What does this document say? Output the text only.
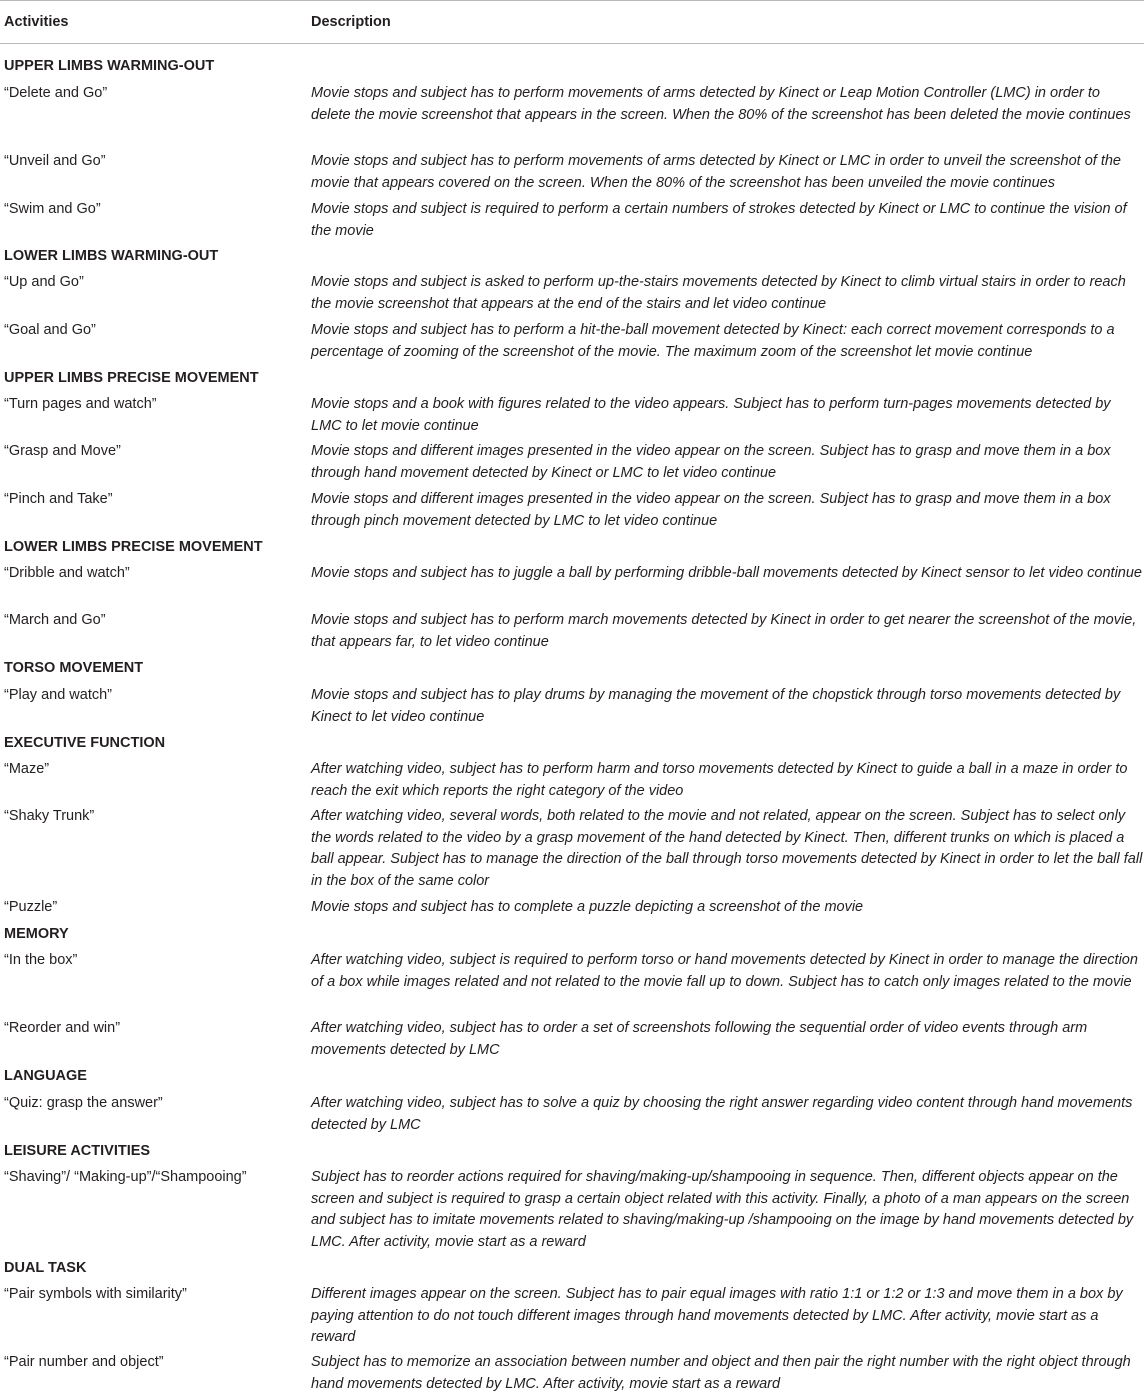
Activities	Description
UPPER LIMBS WARMING-OUT
“Delete and Go”	Movie stops and subject has to perform movements of arms detected by Kinect or Leap Motion Controller (LMC) in order to delete the movie screenshot that appears in the screen. When the 80% of the screenshot has been deleted the movie continues
“Unveil and Go”	Movie stops and subject has to perform movements of arms detected by Kinect or LMC in order to unveil the screenshot of the movie that appears covered on the screen. When the 80% of the screenshot has been unveiled the movie continues
“Swim and Go”	Movie stops and subject is required to perform a certain numbers of strokes detected by Kinect or LMC to continue the vision of the movie
LOWER LIMBS WARMING-OUT
“Up and Go”	Movie stops and subject is asked to perform up-the-stairs movements detected by Kinect to climb virtual stairs in order to reach the movie screenshot that appears at the end of the stairs and let video continue
“Goal and Go”	Movie stops and subject has to perform a hit-the-ball movement detected by Kinect: each correct movement corresponds to a percentage of zooming of the screenshot of the movie. The maximum zoom of the screenshot let movie continue
UPPER LIMBS PRECISE MOVEMENT
“Turn pages and watch”	Movie stops and a book with figures related to the video appears. Subject has to perform turn-pages movements detected by LMC to let movie continue
“Grasp and Move”	Movie stops and different images presented in the video appear on the screen. Subject has to grasp and move them in a box through hand movement detected by Kinect or LMC to let video continue
“Pinch and Take”	Movie stops and different images presented in the video appear on the screen. Subject has to grasp and move them in a box through pinch movement detected by LMC to let video continue
LOWER LIMBS PRECISE MOVEMENT
“Dribble and watch”	Movie stops and subject has to juggle a ball by performing dribble-ball movements detected by Kinect sensor to let video continue
“March and Go”	Movie stops and subject has to perform march movements detected by Kinect in order to get nearer the screenshot of the movie, that appears far, to let video continue
TORSO MOVEMENT
“Play and watch”	Movie stops and subject has to play drums by managing the movement of the chopstick through torso movements detected by Kinect to let video continue
EXECUTIVE FUNCTION
“Maze”	After watching video, subject has to perform harm and torso movements detected by Kinect to guide a ball in a maze in order to reach the exit which reports the right category of the video
“Shaky Trunk”	After watching video, several words, both related to the movie and not related, appear on the screen. Subject has to select only the words related to the video by a grasp movement of the hand detected by Kinect. Then, different trunks on which is placed a ball appear. Subject has to manage the direction of the ball through torso movements detected by Kinect in order to let the ball fall in the box of the same color
“Puzzle”	Movie stops and subject has to complete a puzzle depicting a screenshot of the movie
MEMORY
“In the box”	After watching video, subject is required to perform torso or hand movements detected by Kinect in order to manage the direction of a box while images related and not related to the movie fall up to down. Subject has to catch only images related to the movie
“Reorder and win”	After watching video, subject has to order a set of screenshots following the sequential order of video events through arm movements detected by LMC
LANGUAGE
“Quiz: grasp the answer”	After watching video, subject has to solve a quiz by choosing the right answer regarding video content through hand movements detected by LMC
LEISURE ACTIVITIES
“Shaving”/ “Making-up”/“Shampooing”	Subject has to reorder actions required for shaving/making-up/shampooing in sequence. Then, different objects appear on the screen and subject is required to grasp a certain object related with this activity. Finally, a photo of a man appears on the screen and subject has to imitate movements related to shaving/making-up /shampooing on the image by hand movements detected by LMC. After activity, movie start as a reward
DUAL TASK
“Pair symbols with similarity”	Different images appear on the screen. Subject has to pair equal images with ratio 1:1 or 1:2 or 1:3 and move them in a box by paying attention to do not touch different images through hand movements detected by LMC. After activity, movie start as a reward
“Pair number and object”	Subject has to memorize an association between number and object and then pair the right number with the right object through hand movements detected by LMC. After activity, movie start as a reward
